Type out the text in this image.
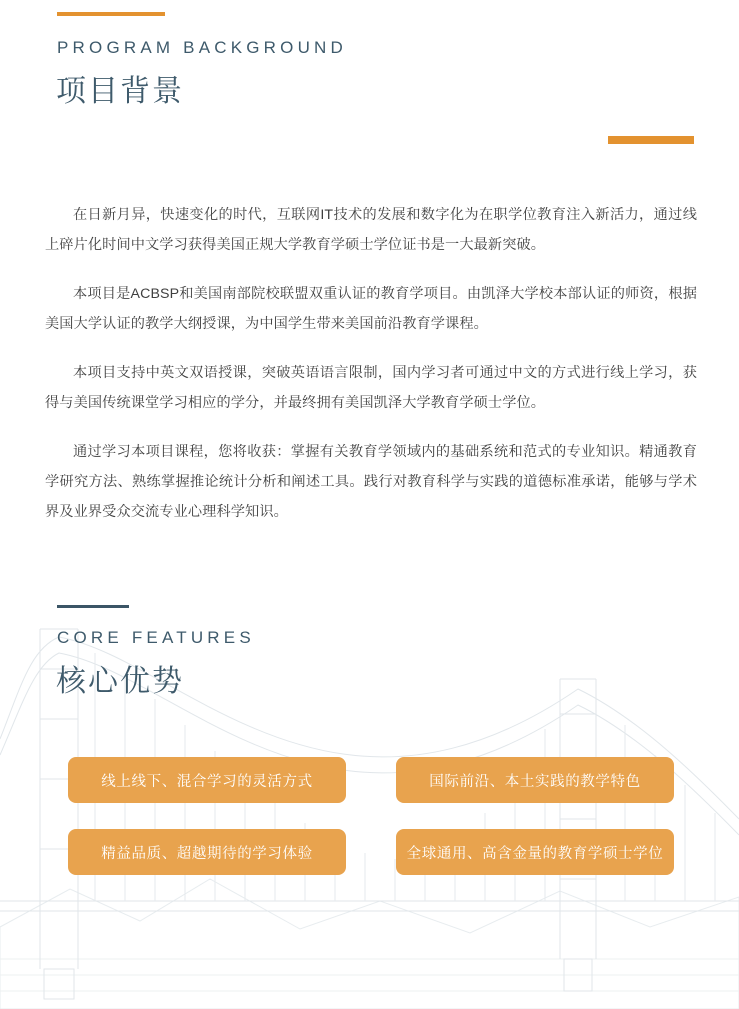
PROGRAM BACKGROUND
项目背景

在日新月异，快速变化的时代，互联网IT技术的发展和数字化为在职学位教育注入新活力，通过线上碎片化时间中文学习获得美国正规大学教育学硕士学位证书是一大最新突破。

本项目是ACBSP和美国南部院校联盟双重认证的教育学项目。由凯泽大学校本部认证的师资，根据美国大学认证的教学大纲授课，为中国学生带来美国前沿教育学课程。

本项目支持中英文双语授课，突破英语语言限制，国内学习者可通过中文的方式进行线上学习，获得与美国传统课堂学习相应的学分，并最终拥有美国凯泽大学教育学硕士学位。

通过学习本项目课程，您将收获：掌握有关教育学领域内的基础系统和范式的专业知识。精通教育学研究方法、熟练掌握推论统计分析和阐述工具。践行对教育科学与实践的道德标准承诺，能够与学术界及业界受众交流专业心理科学知识。

CORE FEATURES
核心优势
线上线下、混合学习的灵活方式	国际前沿、本土实践的教学特色
精益品质、超越期待的学习体验	全球通用、高含金量的教育学硕士学位
